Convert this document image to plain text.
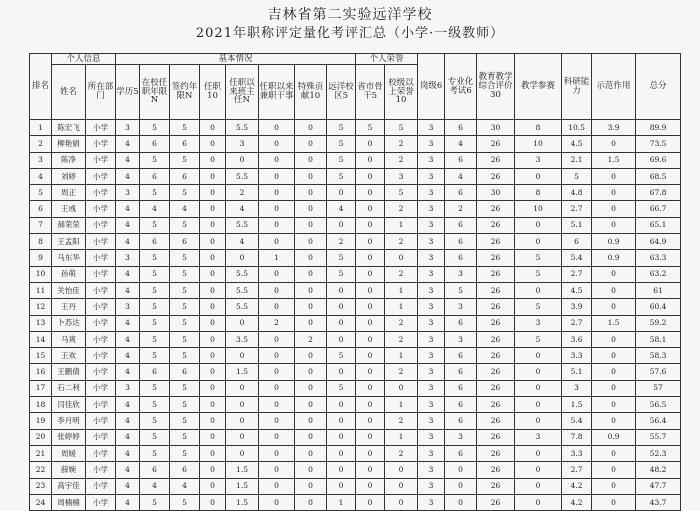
吉林省第二实验远洋学校
2021年职称评定量化考评汇总（小学·一级教师）
排名	个人信息		基本情况								个人荣誉		岗级6	专业化考试6	教育教学综合评价30	教学参赛	科研能力	示范作用	总分
	姓名	所在部门	学历5	在校任职年限N	签约年限N	任职10	任职以来班主任N	任职以来兼职干事	特殊贡献10	远洋校区5	省市骨干5	校级以上荣誉10							
1	陈宏飞	小学	3	5	5	0	5.5	0	0	5	5	5	3	6	30	8	10.5	3.9	89.9
2	柳艳娟	小学	4	6	6	0	3	0	0	5	0	2	3	4	26	10	4.5	0	73.5
3	陈净	小学	4	5	5	0	0	0	0	5	0	2	3	6	26	3	2.1	1.5	69.6
4	刘婷	小学	4	6	6	0	5.5	0	0	5	0	3	3	4	26	0	5	0	68.5
5	周正	小学	3	5	5	0	2	0	0	0	0	5	3	6	30	8	4.8	0	67.8
6	王彧	小学	4	4	4	0	4	0	0	4	0	2	3	2	26	10	2.7	0	66.7
7	郝荣荣	小学	4	5	5	0	5.5	0	0	0	0	1	3	6	26	0	5.1	0	65.1
8	王孟阳	小学	4	6	6	0	4	0	0	2	0	2	3	6	26	0	6	0.9	64.9
9	马东华	小学	3	5	5	0	0	1	0	5	0	0	3	6	26	5	5.4	0.9	63.3
10	孙萌	小学	4	5	5	0	5.5	0	0	5	0	2	3	3	26	5	2.7	0	63.2
11	关怡佳	小学	4	5	5	0	5.5	0	0	0	0	1	3	5	26	0	4.5	0	61
12	王丹	小学	3	5	5	0	5.5	0	0	0	0	1	3	3	26	5	3.9	0	60.4
13	卜苏达	小学	4	5	5	0	0	2	0	0	0	2	3	6	26	3	2.7	1.5	59.2
14	马爽	小学	4	5	5	0	3.5	0	2	0	0	2	3	3	26	5	3.6	0	58.1
15	王欢	小学	4	5	5	0	0	0	0	5	0	1	3	6	26	0	3.3	0	58.3
16	王鹏倩	小学	4	6	6	0	1.5	0	0	0	0	2	3	6	26	0	5.1	0	57.6
17	石二利	小学	3	5	5	0	0	0	0	5	0	0	3	6	26	0	3	0	57
18	闫佳欣	小学	4	5	5	0	0	0	0	0	0	1	3	6	26	0	1.5	0	56.5
19	李月明	小学	4	5	5	0	0	0	0	0	0	2	3	6	26	0	5.4	0	56.4
20	张婷婷	小学	4	5	5	0	0	0	0	0	0	1	3	3	26	3	7.8	0.9	55.7
21	周媛	小学	4	5	5	0	0	0	0	0	0	2	3	6	26	0	3.3	0	52.3
22	薛婉	小学	4	6	6	0	1.5	0	0	0	0	0	3	0	26	0	2.7	0	48.2
23	高宇佳	小学	4	4	4	0	1.5	0	0	0	0	0	3	0	26	0	4.2	0	47.7
24	周楠楠	小学	4	5	5	0	1.5	0	0	1	0	0	3	0	26	0	4.2	0	43.7
